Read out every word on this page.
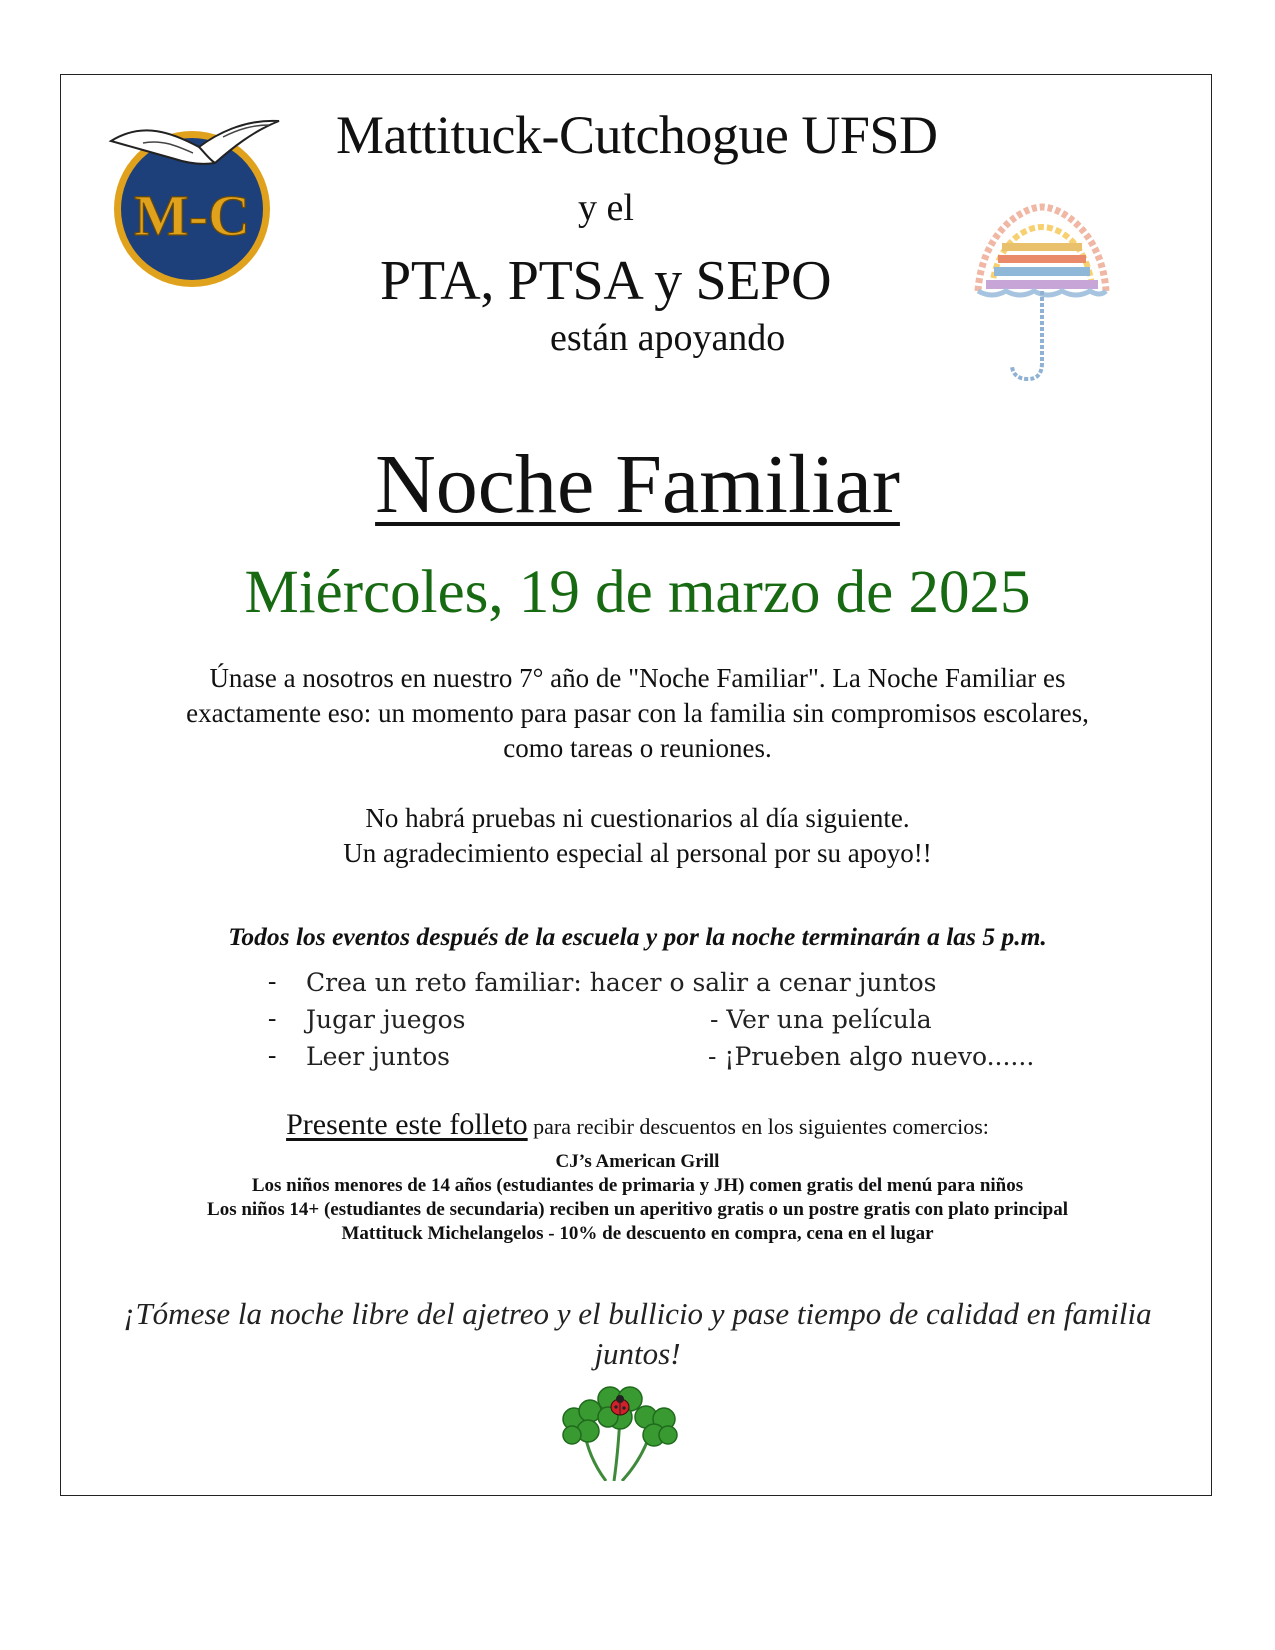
M-C
Mattituck-Cutchogue UFSD
y el
PTA, PTSA y SEPO
están apoyando
Noche Familiar
Miércoles, 19 de marzo de 2025
Únase a nosotros en nuestro 7° año de "Noche Familiar". La Noche Familiar es
exactamente eso: un momento para pasar con la familia sin compromisos escolares,
como tareas o reuniones.
No habrá pruebas ni cuestionarios al día siguiente.
Un agradecimiento especial al personal por su apoyo!!
Todos los eventos después de la escuela y por la noche terminarán a las 5 p.m.
- Crea un reto familiar: hacer o salir a cenar juntos
- Jugar juegos	- Ver una película
- Leer juntos	- ¡Prueben algo nuevo......
Presente este folleto para recibir descuentos en los siguientes comercios:
CJ’s American Grill
Los niños menores de 14 años (estudiantes de primaria y JH) comen gratis del menú para niños
Los niños 14+ (estudiantes de secundaria) reciben un aperitivo gratis o un postre gratis con plato principal
Mattituck Michelangelos - 10% de descuento en compra, cena en el lugar
¡Tómese la noche libre del ajetreo y el bullicio y pase tiempo de calidad en familia
juntos!
